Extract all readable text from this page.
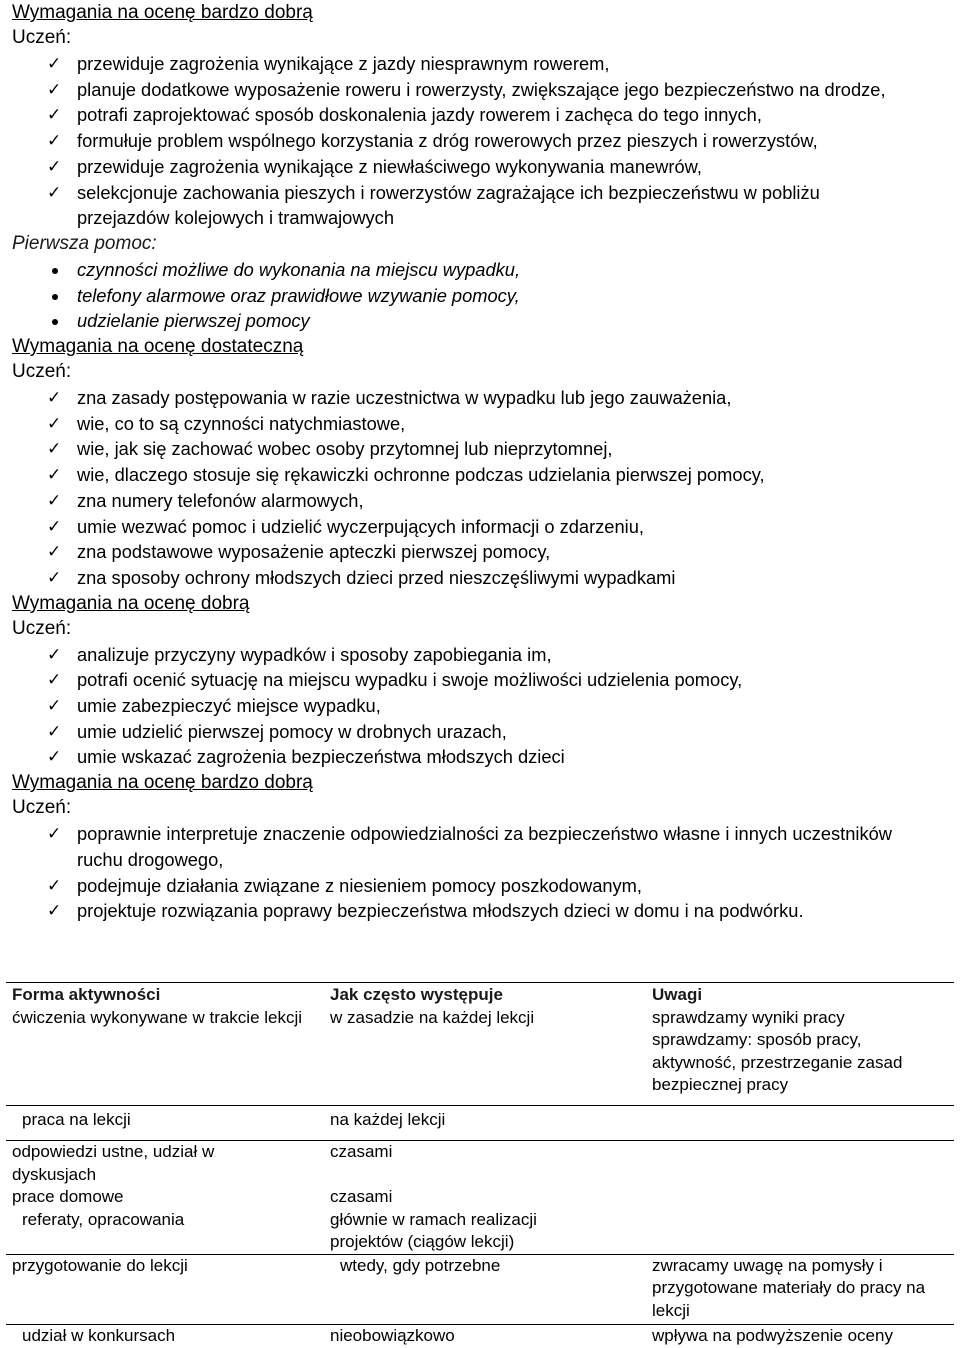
Wymagania na ocenę bardzo dobrą
Uczeń:
✓ przewiduje zagrożenia wynikające z jazdy niesprawnym rowerem,
✓ planuje dodatkowe wyposażenie roweru i rowerzysty, zwiększające jego bezpieczeństwo na drodze,
✓ potrafi zaprojektować sposób doskonalenia jazdy rowerem i zachęca do tego innych,
✓ formułuje problem wspólnego korzystania z dróg rowerowych przez pieszych i rowerzystów,
✓ przewiduje zagrożenia wynikające z niewłaściwego wykonywania manewrów,
✓ selekcjonuje zachowania pieszych i rowerzystów zagrażające ich bezpieczeństwu w pobliżu przejazdów kolejowych i tramwajowych
Pierwsza pomoc:
czynności możliwe do wykonania na miejscu wypadku,
telefony alarmowe oraz prawidłowe wzywanie pomocy,
udzielanie pierwszej pomocy
Wymagania na ocenę dostateczną
Uczeń:
✓ zna zasady postępowania w razie uczestnictwa w wypadku lub jego zauważenia,
✓ wie, co to są czynności natychmiastowe,
✓ wie, jak się zachować wobec osoby przytomnej lub nieprzytomnej,
✓ wie, dlaczego stosuje się rękawiczki ochronne podczas udzielania pierwszej pomocy,
✓ zna numery telefonów alarmowych,
✓ umie wezwać pomoc i udzielić wyczerpujących informacji o zdarzeniu,
✓ zna podstawowe wyposażenie apteczki pierwszej pomocy,
✓ zna sposoby ochrony młodszych dzieci przed nieszczęśliwymi wypadkami
Wymagania na ocenę dobrą
Uczeń:
✓ analizuje przyczyny wypadków i sposoby zapobiegania im,
✓ potrafi ocenić sytuację na miejscu wypadku i swoje możliwości udzielenia pomocy,
✓ umie zabezpieczyć miejsce wypadku,
✓ umie udzielić pierwszej pomocy w drobnych urazach,
✓ umie wskazać zagrożenia bezpieczeństwa młodszych dzieci
Wymagania na ocenę bardzo dobrą
Uczeń:
✓ poprawnie interpretuje znaczenie odpowiedzialności za bezpieczeństwo własne i innych uczestników ruchu drogowego,
✓ podejmuje działania związane z niesieniem pomocy poszkodowanym,
✓ projektuje rozwiązania poprawy bezpieczeństwa młodszych dzieci w domu i na podwórku.
Forma aktywności	Jak często występuje	Uwagi
ćwiczenia wykonywane w trakcie lekcji	w zasadzie na każdej lekcji	sprawdzamy wyniki pracy
sprawdzamy: sposób pracy, aktywność, przestrzeganie zasad bezpiecznej pracy
praca na lekcji	na każdej lekcji	
odpowiedzi ustne, udział w dyskusjach	czasami	
prace domowe	czasami	
referaty, opracowania	głównie w ramach realizacji projektów (ciągów lekcji)	
przygotowanie do lekcji	wtedy, gdy potrzebne	zwracamy uwagę na pomysły i przygotowane materiały do pracy na lekcji
udział w konkursach	nieobowiązkowo	wpływa na podwyższenie oceny
